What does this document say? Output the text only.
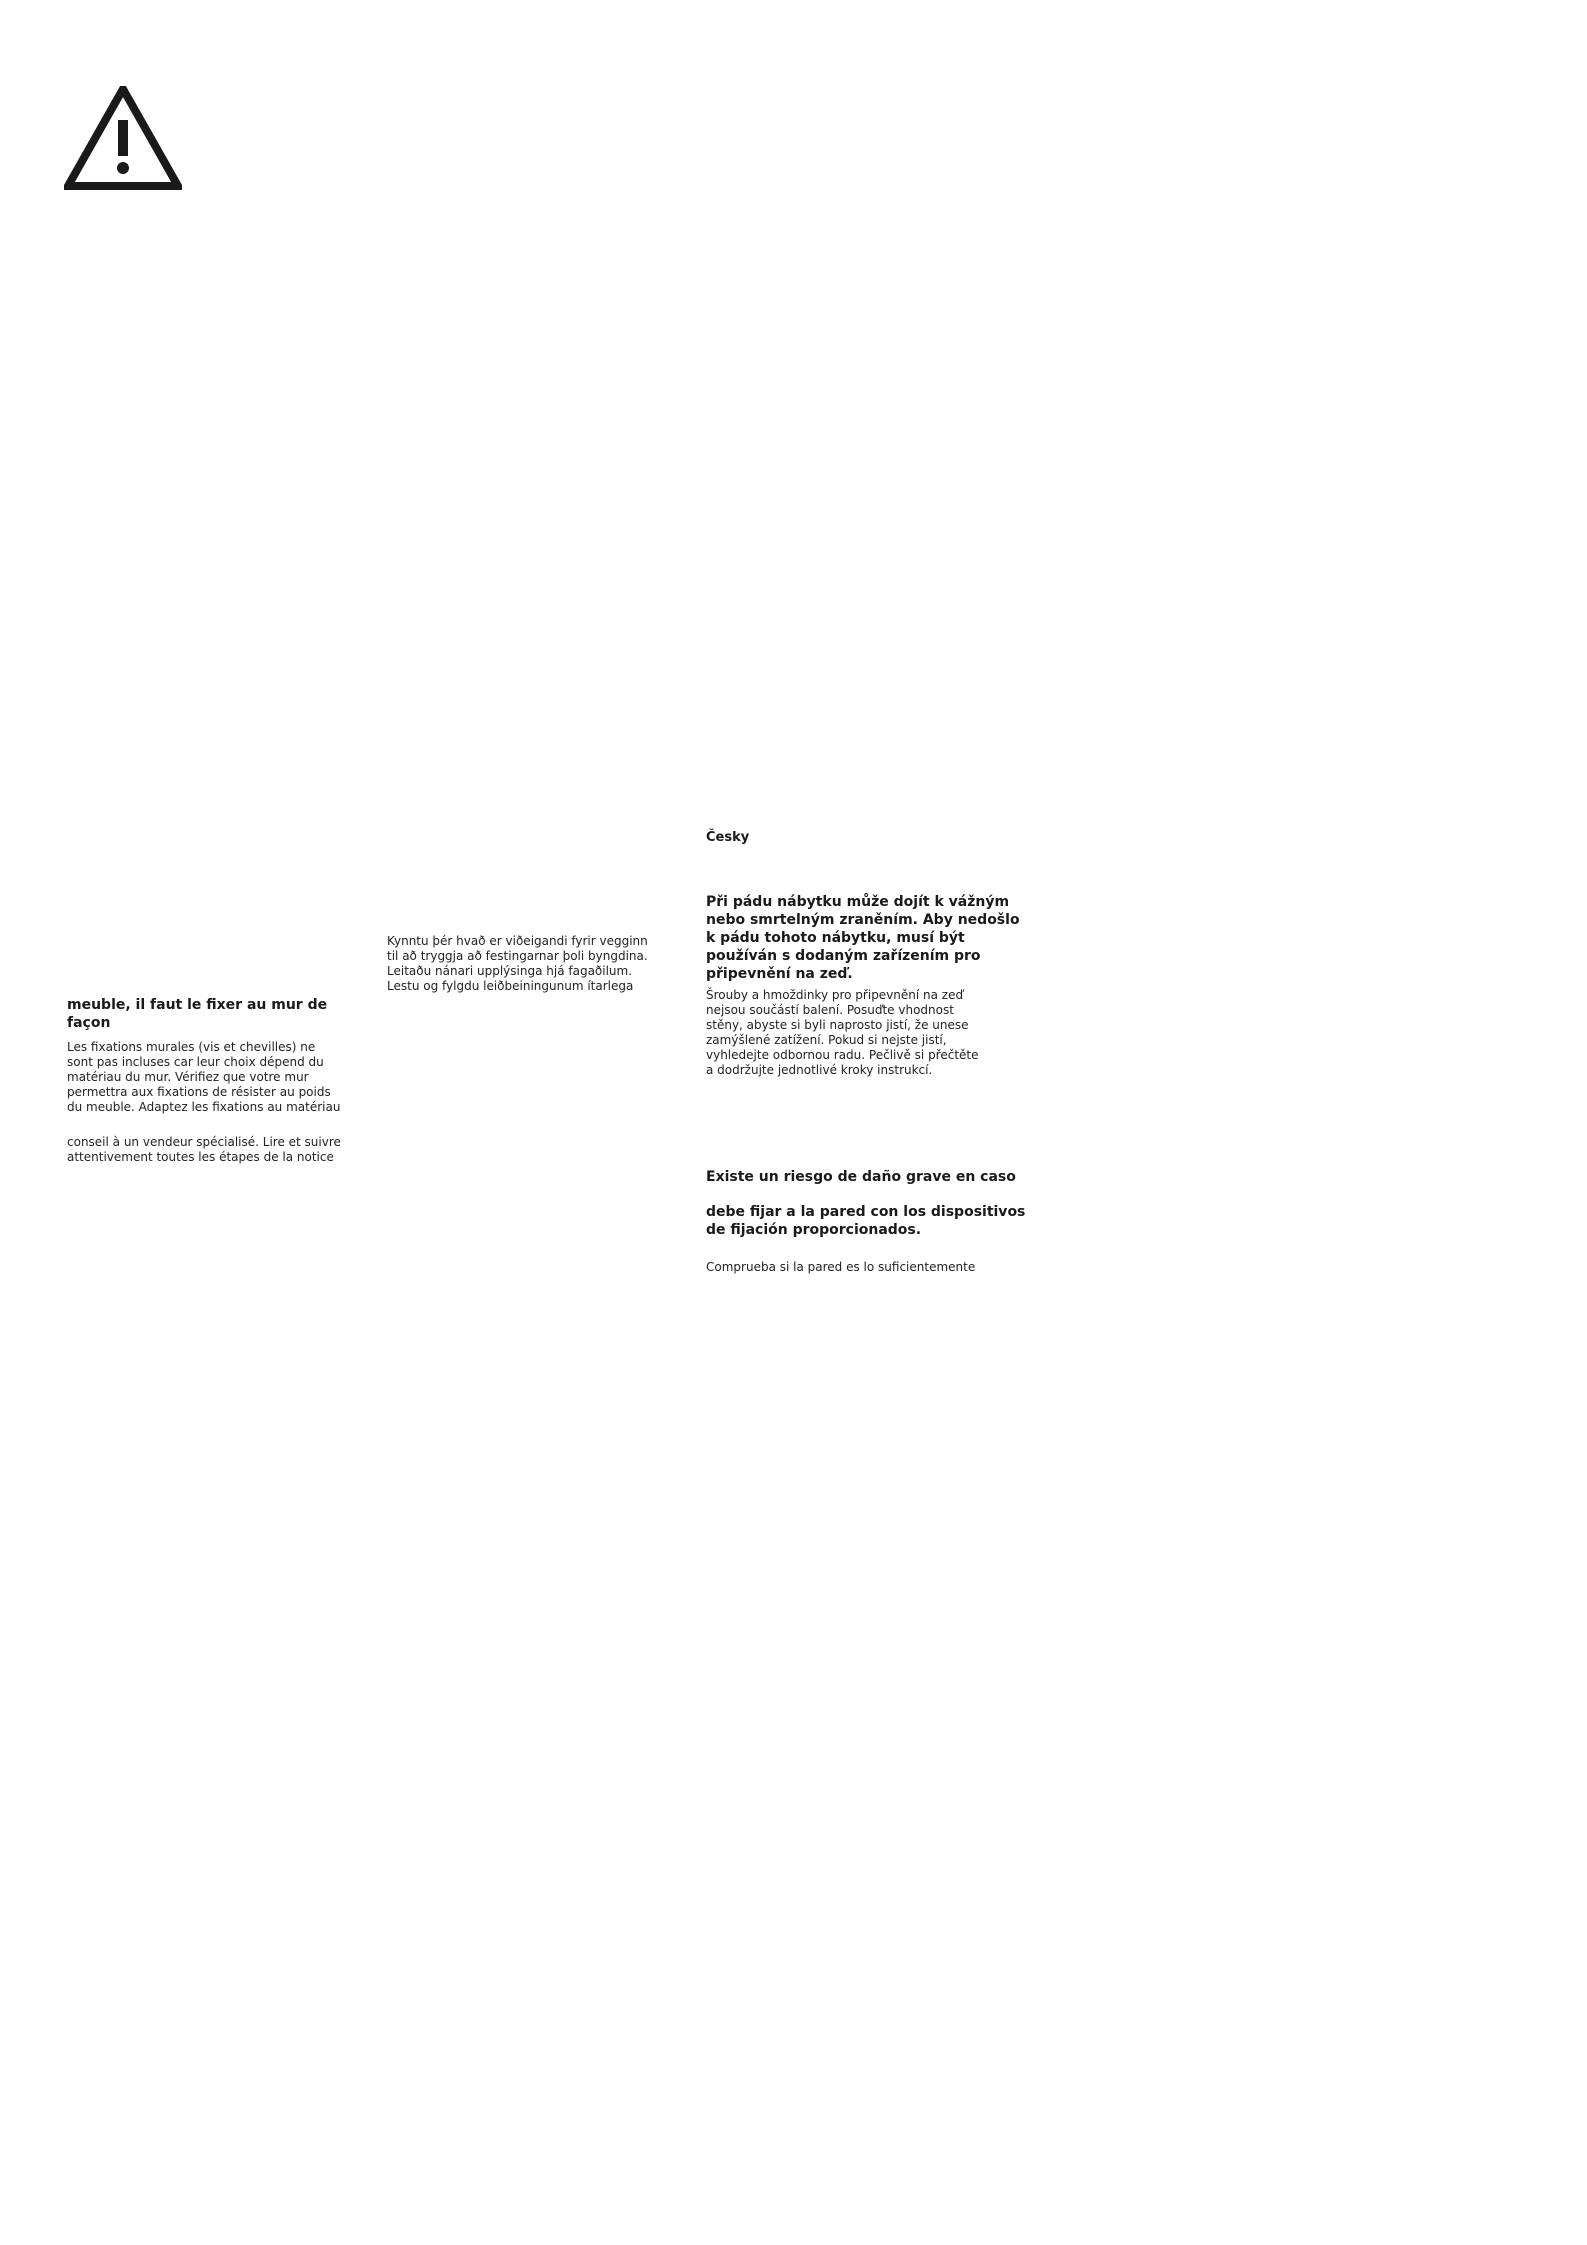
meuble, il faut le fixer au mur de façon

Les fixations murales (vis et chevilles) ne

sont pas incluses car leur choix dépend du

matériau du mur. Vérifiez que votre mur

permettra aux fixations de résister au poids

du meuble. Adaptez les fixations au matériau

conseil à un vendeur spécialisé. Lire et suivre

attentivement toutes les étapes de la notice

Kynntu þér hvað er viðeigandi fyrir vegginn

til að tryggja að festingarnar þoli byngdina.

Leitaðu nánari upplýsinga hjá fagaðilum.

Lestu og fylgdu leiðbeiningunum ítarlega

Česky

Při pádu nábytku může dojít k vážným

nebo smrtelným zraněním. Aby nedošlo

k pádu tohoto nábytku, musí být

používán s dodaným zařízením pro

připevnění na zeď.

Šrouby a hmoždinky pro připevnění na zeď

nejsou součástí balení. Posuďte vhodnost

stěny, abyste si byli naprosto jistí, že unese

zamýšlené zatížení. Pokud si nejste jistí,

vyhledejte odbornou radu. Pečlivě si přečtěte

a dodržujte jednotlivé kroky instrukcí.

Existe un riesgo de daño grave en caso

debe fijar a la pared con los dispositivos

de fijación proporcionados.

Comprueba si la pared es lo suficientemente
